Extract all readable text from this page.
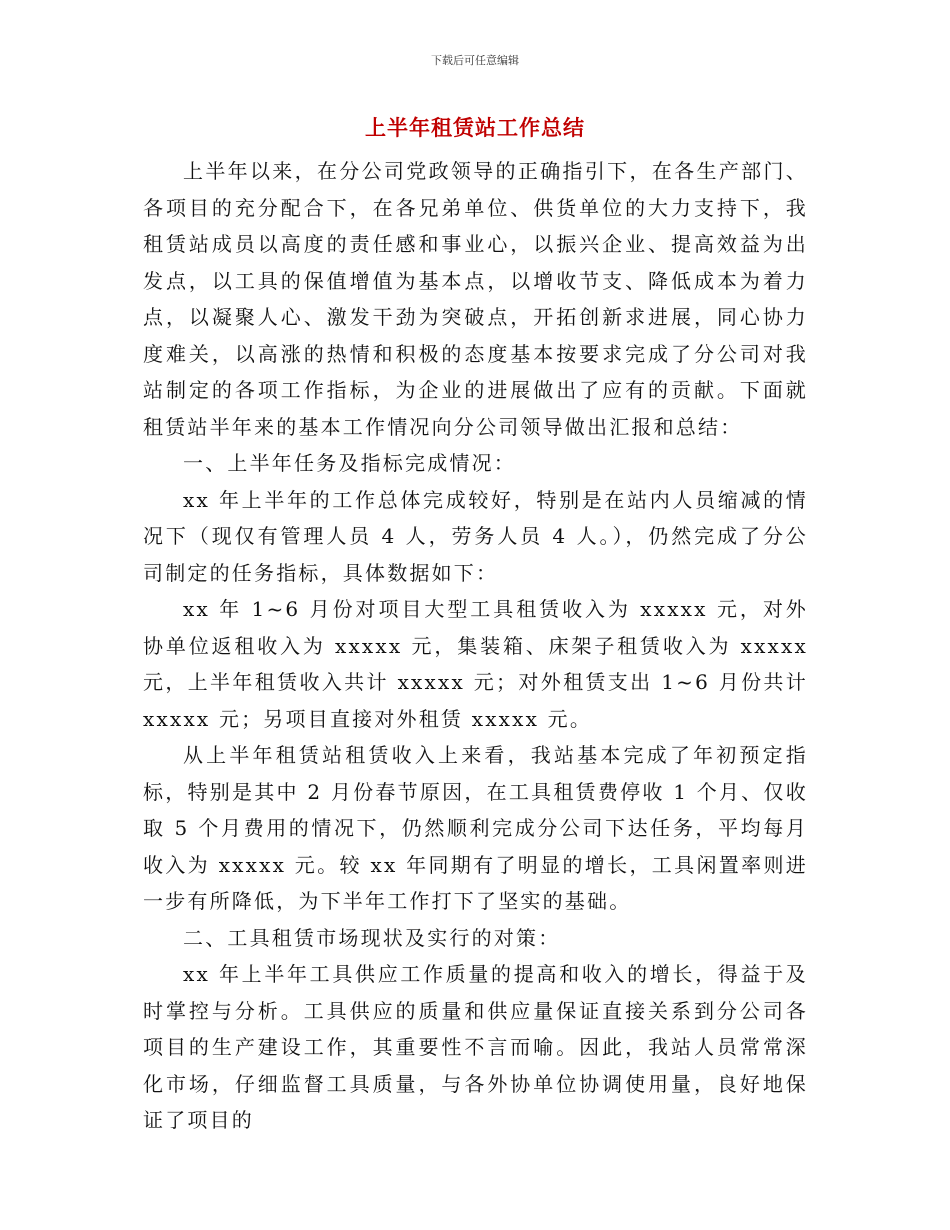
下载后可任意编辑
上半年租赁站工作总结

上半年以来，在分公司党政领导的正确指引下，在各生产部门、各项目的充分配合下，在各兄弟单位、供货单位的大力支持下，我租赁站成员以高度的责任感和事业心，以振兴企业、提高效益为出发点，以工具的保值增值为基本点，以增收节支、降低成本为着力点，以凝聚人心、激发干劲为突破点，开拓创新求进展，同心协力度难关，以高涨的热情和积极的态度基本按要求完成了分公司对我站制定的各项工作指标，为企业的进展做出了应有的贡献。下面就租赁站半年来的基本工作情况向分公司领导做出汇报和总结：

一、上半年任务及指标完成情况：

xx 年上半年的工作总体完成较好，特别是在站内人员缩减的情况下（现仅有管理人员 4 人，劳务人员 4 人。），仍然完成了分公司制定的任务指标，具体数据如下：

xx 年 1~6 月份对项目大型工具租赁收入为 xxxxx 元，对外协单位返租收入为 xxxxx 元，集装箱、床架子租赁收入为 xxxxx 元，上半年租赁收入共计 xxxxx 元；对外租赁支出 1~6 月份共计 xxxxx 元；另项目直接对外租赁 xxxxx 元。

从上半年租赁站租赁收入上来看，我站基本完成了年初预定指标，特别是其中 2 月份春节原因，在工具租赁费停收 1 个月、仅收取 5 个月费用的情况下，仍然顺利完成分公司下达任务，平均每月收入为 xxxxx 元。较 xx 年同期有了明显的增长，工具闲置率则进一步有所降低，为下半年工作打下了坚实的基础。

二、工具租赁市场现状及实行的对策：

xx 年上半年工具供应工作质量的提高和收入的增长，得益于及时掌控与分析。工具供应的质量和供应量保证直接关系到分公司各项目的生产建设工作，其重要性不言而喻。因此，我站人员常常深化市场，仔细监督工具质量，与各外协单位协调使用量，良好地保证了项目的
